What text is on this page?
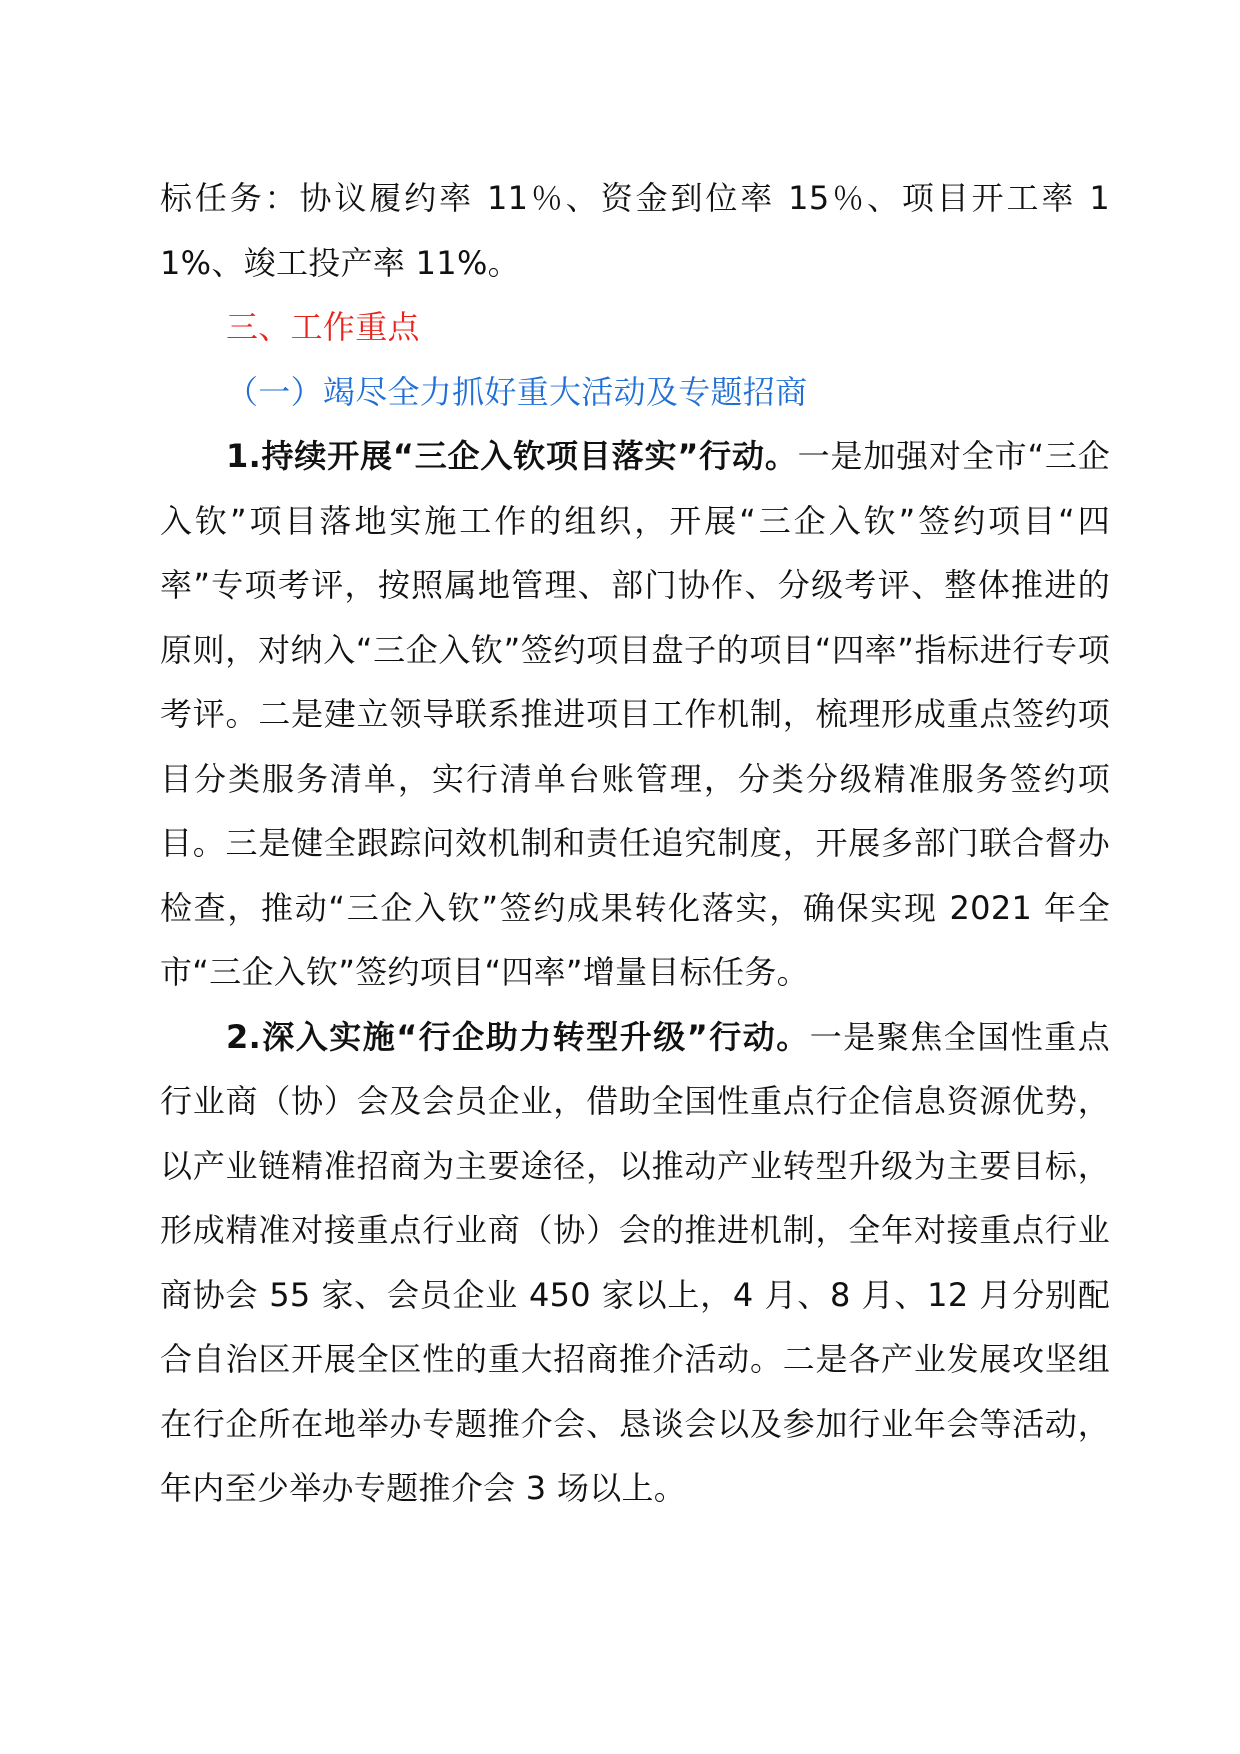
标任务：协议履约率 11％、资金到位率 15％、项目开工率 11%、竣工投产率 11%。

三、工作重点

（一）竭尽全力抓好重大活动及专题招商

1.持续开展“三企入钦项目落实”行动。一是加强对全市“三企入钦”项目落地实施工作的组织，开展“三企入钦”签约项目“四率”专项考评，按照属地管理、部门协作、分级考评、整体推进的原则，对纳入“三企入钦”签约项目盘子的项目“四率”指标进行专项考评。二是建立领导联系推进项目工作机制，梳理形成重点签约项目分类服务清单，实行清单台账管理，分类分级精准服务签约项目。三是健全跟踪问效机制和责任追究制度，开展多部门联合督办检查，推动“三企入钦”签约成果转化落实，确保实现 2021 年全市“三企入钦”签约项目“四率”增量目标任务。

2.深入实施“行企助力转型升级”行动。一是聚焦全国性重点行业商（协）会及会员企业，借助全国性重点行企信息资源优势，以产业链精准招商为主要途径，以推动产业转型升级为主要目标，形成精准对接重点行业商（协）会的推进机制，全年对接重点行业商协会 55 家、会员企业 450 家以上，4 月、8 月、12 月分别配合自治区开展全区性的重大招商推介活动。二是各产业发展攻坚组在行企所在地举办专题推介会、恳谈会以及参加行业年会等活动，年内至少举办专题推介会 3 场以上。
